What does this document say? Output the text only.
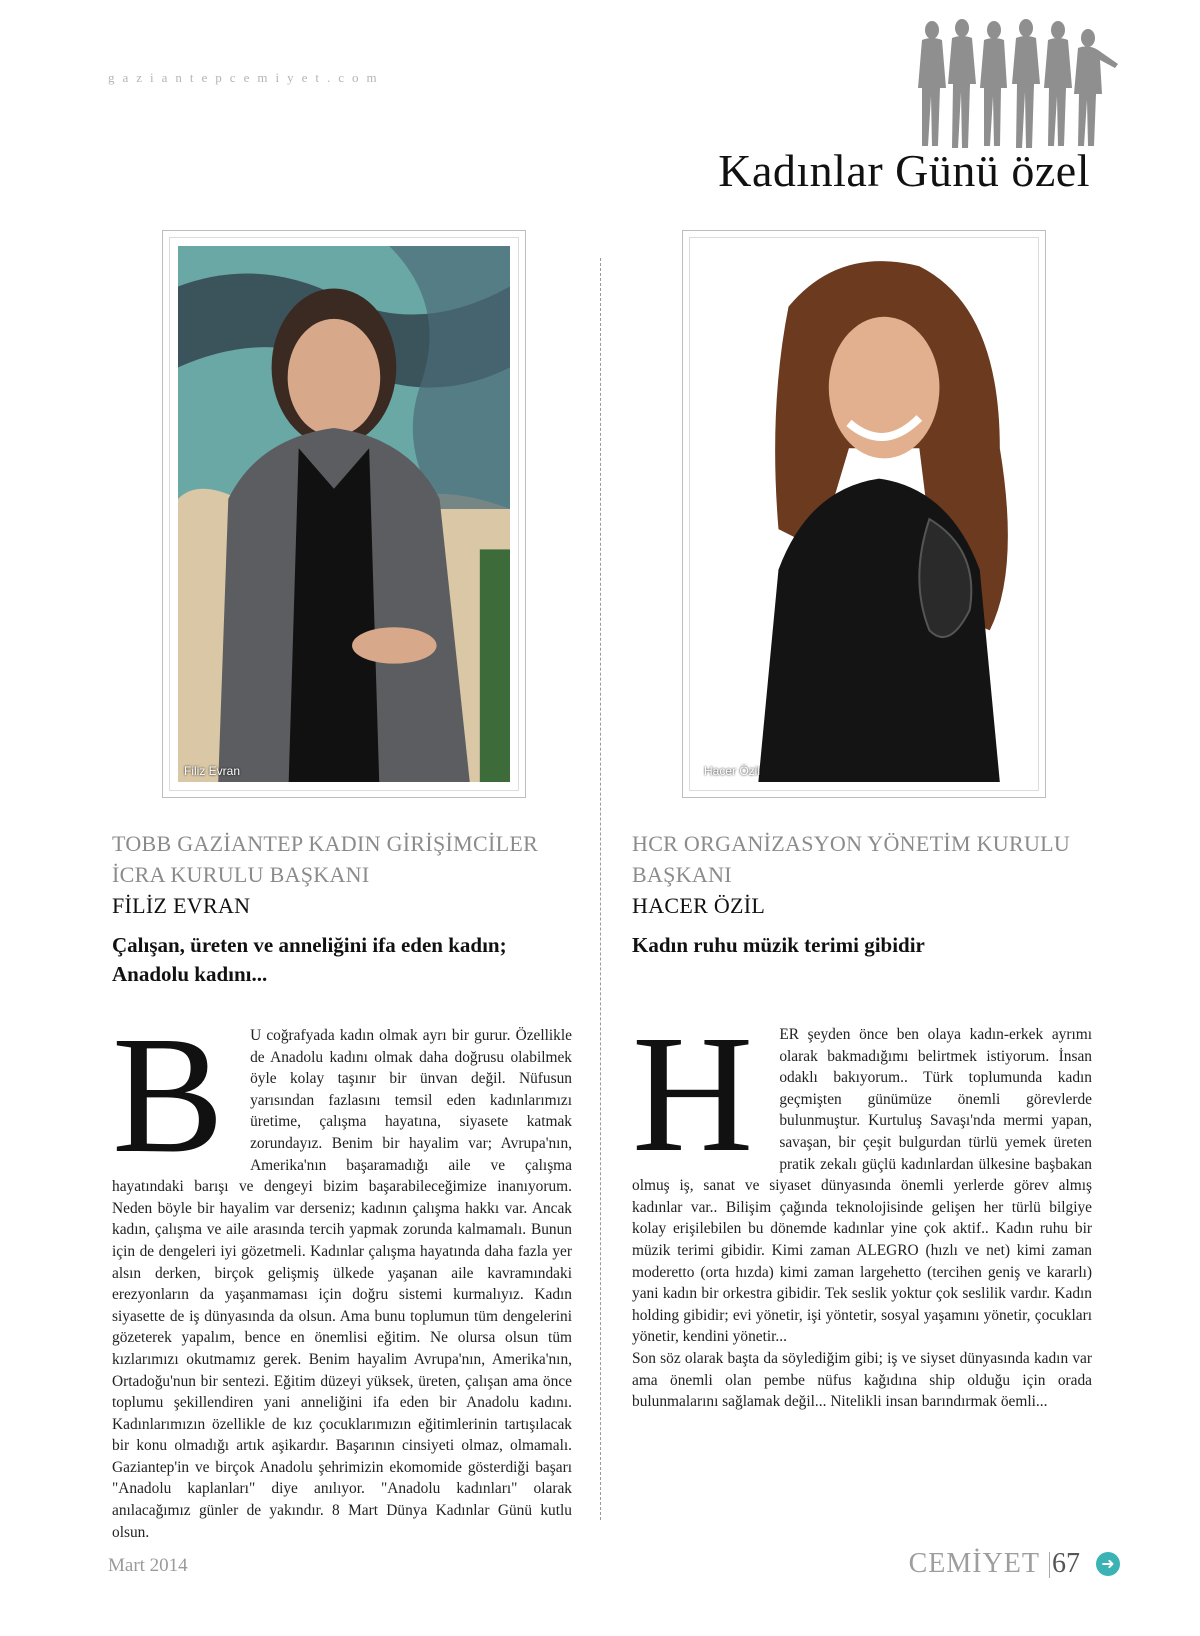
gaziantepcemiyet.com
Kadınlar Günü özel
Filiz Evran	Hacer Özil
TOBB GAZİANTEP KADIN GİRİŞİMCİLER İCRA KURULU BAŞKANI
FİLİZ EVRAN
Çalışan, üreten ve anneliğini ifa eden kadın; Anadolu kadını...
B U coğrafyada kadın olmak ayrı bir gurur. Özellikle de Anadolu kadını olmak daha doğrusu olabilmek öyle kolay taşınır bir ünvan değil. Nüfusun yarısından fazlasını temsil eden kadınlarımızı üretime, çalışma hayatına, siyasete katmak zorundayız. Benim bir hayalim var; Avrupa'nın, Amerika'nın başaramadığı aile ve çalışma hayatındaki barışı ve dengeyi bizim başarabileceğimize inanıyorum. Neden böyle bir hayalim var derseniz; kadının çalışma hakkı var. Ancak kadın, çalışma ve aile arasında tercih yapmak zorunda kalmamalı. Bunun için de dengeleri iyi gözetmeli. Kadınlar çalışma hayatında daha fazla yer alsın derken, birçok gelişmiş ülkede yaşanan aile kavramındaki erezyonların da yaşanmaması için doğru sistemi kurmalıyız. Kadın siyasette de iş dünyasında da olsun. Ama bunu toplumun tüm dengelerini gözeterek yapalım, bence en önemlisi eğitim. Ne olursa olsun tüm kızlarımızı okutmamız gerek. Benim hayalim Avrupa'nın, Amerika'nın, Ortadoğu'nun bir sentezi. Eğitim düzeyi yüksek, üreten, çalışan ama önce toplumu şekillendiren yani anneliğini ifa eden bir Anadolu kadını. Kadınlarımızın özellikle de kız çocuklarımızın eğitimlerinin tartışılacak bir konu olmadığı artık aşikardır. Başarının cinsiyeti olmaz, olmamalı. Gaziantep'in ve birçok Anadolu şehrimizin ekomomide gösterdiği başarı "Anadolu kaplanları" diye anılıyor. "Anadolu kadınları" olarak anılacağımız günler de yakındır. 8 Mart Dünya Kadınlar Günü kutlu olsun.
HCR ORGANİZASYON YÖNETİM KURULU BAŞKANI
HACER ÖZİL
Kadın ruhu müzik terimi gibidir
H ER şeyden önce ben olaya kadın-erkek ayrımı olarak bakmadığımı belirtmek istiyorum. İnsan odaklı bakıyorum.. Türk toplumunda kadın geçmişten günümüze önemli görevlerde bulunmuştur. Kurtuluş Savaşı'nda mermi yapan, savaşan, bir çeşit bulgurdan türlü yemek üreten pratik zekalı güçlü kadınlardan ülkesine başbakan olmuş iş, sanat ve siyaset dünyasında önemli yerlerde görev almış kadınlar var.. Bilişim çağında teknolojisinde gelişen her türlü bilgiye kolay erişilebilen bu dönemde kadınlar yine çok aktif.. Kadın ruhu bir müzik terimi gibidir. Kimi zaman ALEGRO (hızlı ve net) kimi zaman moderetto (orta hızda) kimi zaman largehetto (tercihen geniş ve kararlı) yani kadın bir orkestra gibidir. Tek seslik yoktur çok seslilik vardır. Kadın holding gibidir; evi yönetir, işi yöntetir, sosyal yaşamını yönetir, çocukları yönetir, kendini yönetir...
Son söz olarak başta da söylediğim gibi; iş ve siyset dünyasında kadın var ama önemli olan pembe nüfus kağıdına ship olduğu için orada bulunmalarını sağlamak değil... Nitelikli insan barındırmak öemli...
Mart 2014	CEMİYET 67	➜
